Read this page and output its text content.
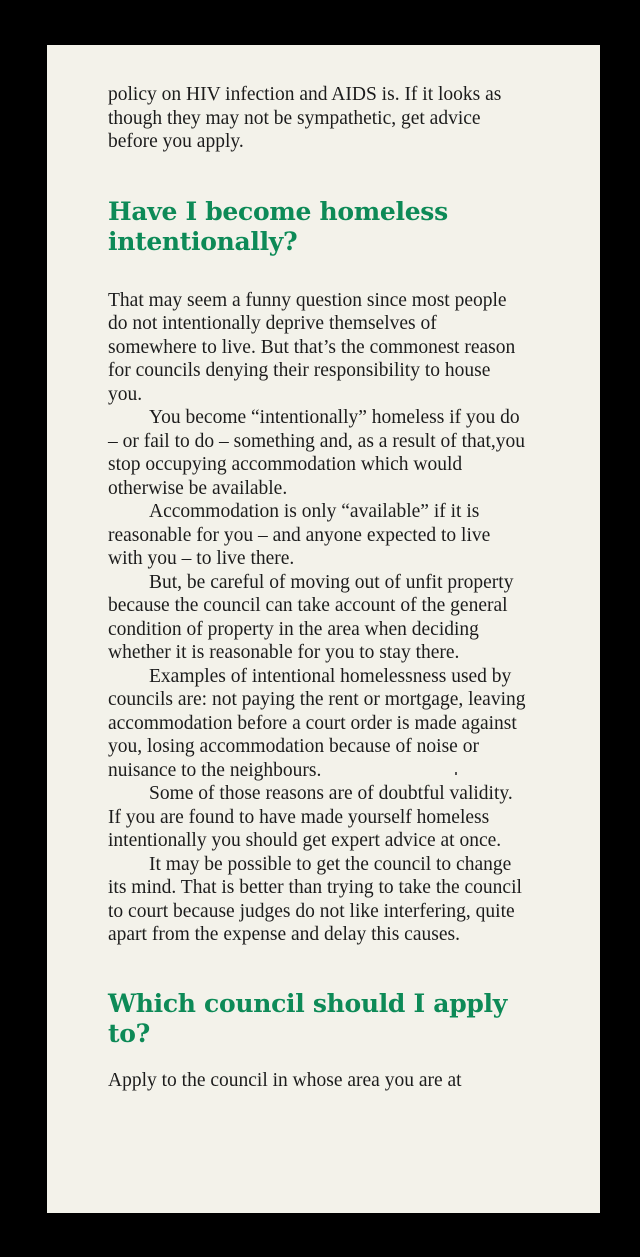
policy on HIV infection and AIDS is. If it looks as though they may not be sympathetic, get advice before you apply.

Have I become homeless intentionally?

That may seem a funny question since most people do not intentionally deprive themselves of somewhere to live. But that’s the commonest reason for councils denying their responsibility to house you.

You become “intentionally” homeless if you do – or fail to do – something and, as a result of that,you stop occupying accommodation which would otherwise be available.

Accommodation is only “available” if it is reasonable for you – and anyone expected to live with you – to live there.

But, be careful of moving out of unfit property because the council can take account of the general condition of property in the area when deciding whether it is reasonable for you to stay there.

Examples of intentional homelessness used by councils are: not paying the rent or mortgage, leaving accommodation before a court order is made against you, losing accommodation because of noise or nuisance to the neighbours.

Some of those reasons are of doubtful validity. If you are found to have made yourself homeless intentionally you should get expert advice at once.

It may be possible to get the council to change its mind. That is better than trying to take the council to court because judges do not like interfering, quite apart from the expense and delay this causes.

Which council should I apply to?

Apply to the council in whose area you are at
